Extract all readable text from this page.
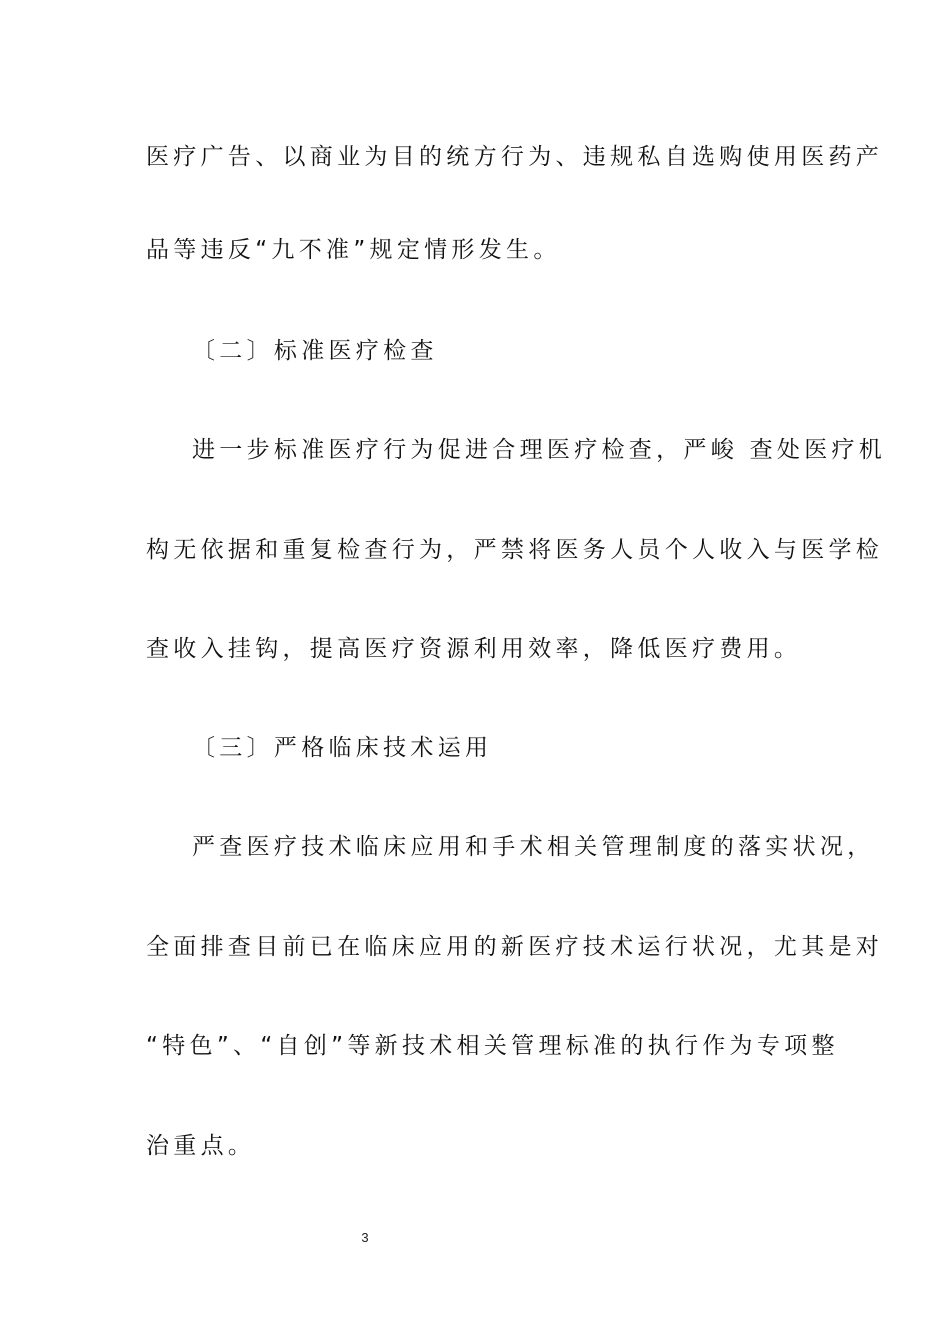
医疗广告、以商业为目的统方行为、违规私自选购使用医药产
品等违反“九不准”规定情形发生。
〔二〕标准医疗检查
进一步标准医疗行为促进合理医疗检查，严峻 查处医疗机
构无依据和重复检查行为，严禁将医务人员个人收入与医学检
查收入挂钩，提高医疗资源利用效率，降低医疗费用。
〔三〕严格临床技术运用
严查医疗技术临床应用和手术相关管理制度的落实状况，
全面排查目前已在临床应用的新医疗技术运行状况，尤其是对
“特色”、“自创”等新技术相关管理标准的执行作为专项整
治重点。
3
